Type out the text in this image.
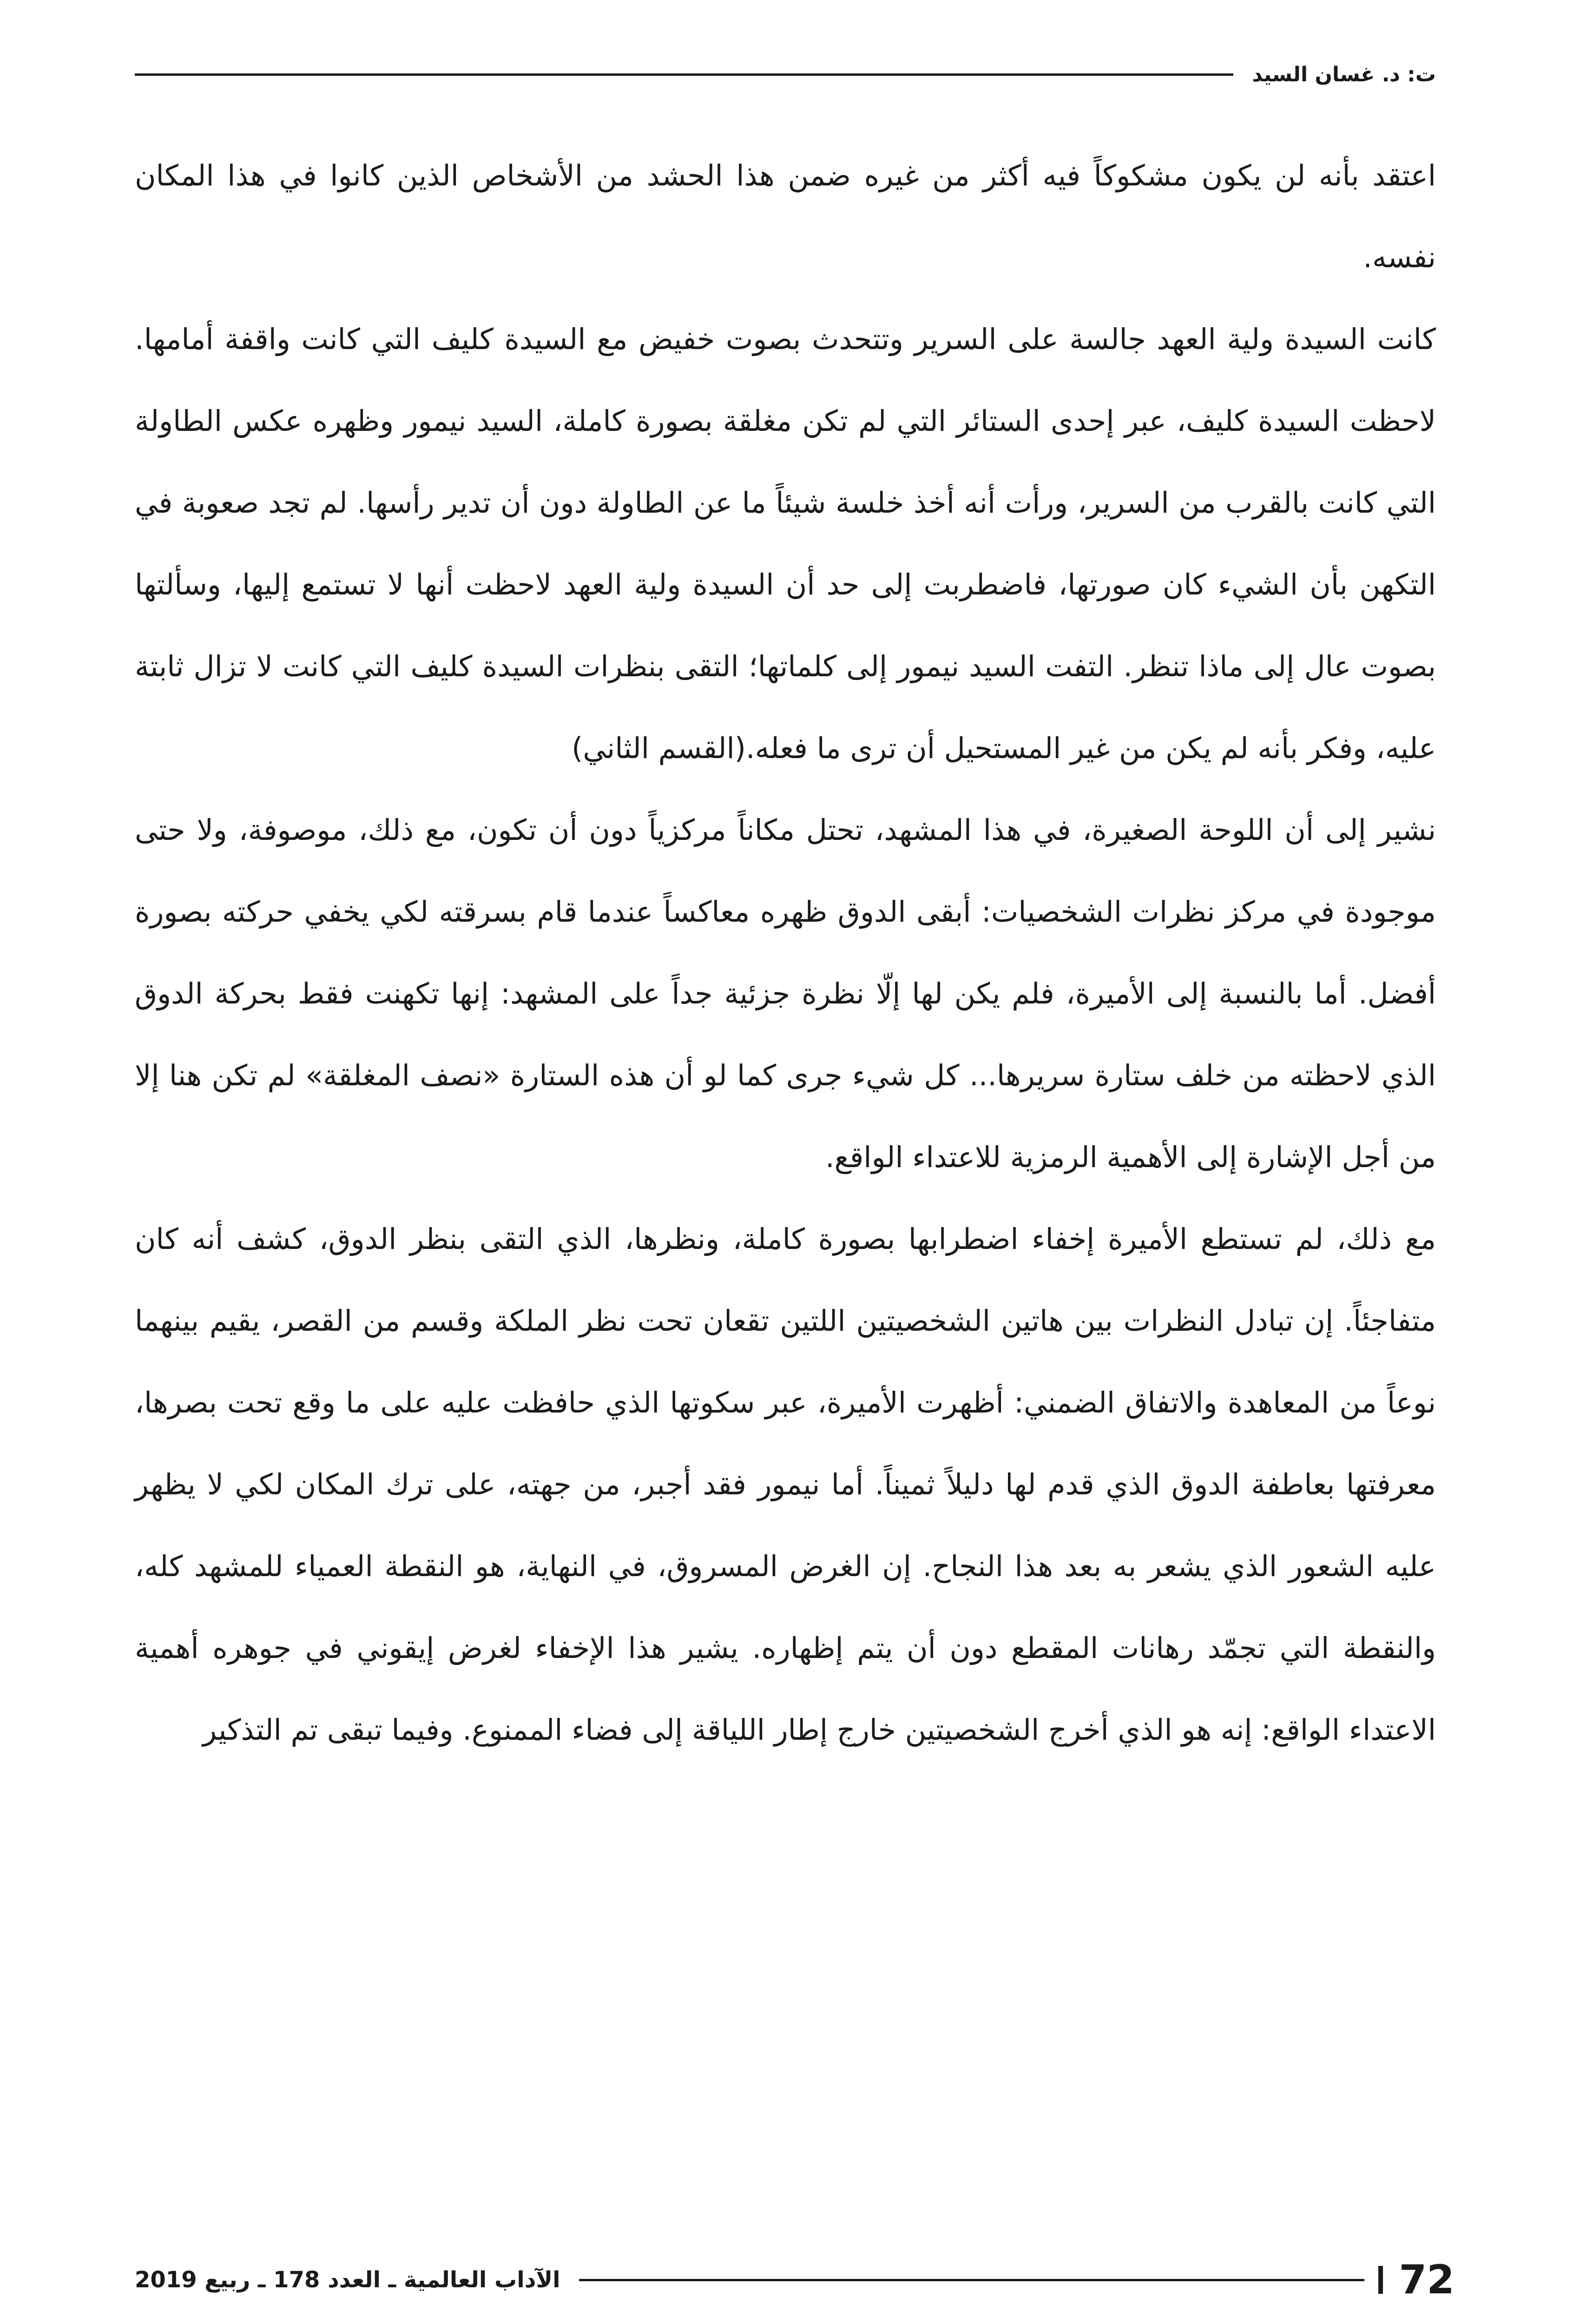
ت: د. غسان السيد

اعتقد بأنه لن يكون مشكوكاً فيه أكثر من غيره ضمن هذا الحشد من الأشخاص الذين كانوا في هذا المكان نفسه.

كانت السيدة ولية العهد جالسة على السرير وتتحدث بصوت خفيض مع السيدة كليف التي كانت واقفة أمامها. لاحظت السيدة كليف، عبر إحدى الستائر التي لم تكن مغلقة بصورة كاملة، السيد نيمور وظهره عكس الطاولة التي كانت بالقرب من السرير، ورأت أنه أخذ خلسة شيئاً ما عن الطاولة دون أن تدير رأسها. لم تجد صعوبة في التكهن بأن الشيء كان صورتها، فاضطربت إلى حد أن السيدة ولية العهد لاحظت أنها لا تستمع إليها، وسألتها بصوت عال إلى ماذا تنظر. التفت السيد نيمور إلى كلماتها؛ التقى بنظرات السيدة كليف التي كانت لا تزال ثابتة عليه، وفكر بأنه لم يكن من غير المستحيل أن ترى ما فعله.(القسم الثاني)

نشير إلى أن اللوحة الصغيرة، في هذا المشهد، تحتل مكاناً مركزياً دون أن تكون، مع ذلك، موصوفة، ولا حتى موجودة في مركز نظرات الشخصيات: أبقى الدوق ظهره معاكساً عندما قام بسرقته لكي يخفي حركته بصورة أفضل. أما بالنسبة إلى الأميرة، فلم يكن لها إلّا نظرة جزئية جداً على المشهد: إنها تكهنت فقط بحركة الدوق الذي لاحظته من خلف ستارة سريرها... كل شيء جرى كما لو أن هذه الستارة «نصف المغلقة» لم تكن هنا إلا من أجل الإشارة إلى الأهمية الرمزية للاعتداء الواقع.

مع ذلك، لم تستطع الأميرة إخفاء اضطرابها بصورة كاملة، ونظرها، الذي التقى بنظر الدوق، كشف أنه كان متفاجئاً. إن تبادل النظرات بين هاتين الشخصيتين اللتين تقعان تحت نظر الملكة وقسم من القصر، يقيم بينهما نوعاً من المعاهدة والاتفاق الضمني: أظهرت الأميرة، عبر سكوتها الذي حافظت عليه على ما وقع تحت بصرها، معرفتها بعاطفة الدوق الذي قدم لها دليلاً ثميناً. أما نيمور فقد أجبر، من جهته، على ترك المكان لكي لا يظهر عليه الشعور الذي يشعر به بعد هذا النجاح. إن الغرض المسروق، في النهاية، هو النقطة العمياء للمشهد كله، والنقطة التي تجمّد رهانات المقطع دون أن يتم إظهاره. يشير هذا الإخفاء لغرض إيقوني في جوهره أهمية الاعتداء الواقع: إنه هو الذي أخرج الشخصيتين خارج إطار اللياقة إلى فضاء الممنوع. وفيما تبقى تم التذكير

72
الآداب العالمية ـ العدد 178 ـ ربيع 2019
